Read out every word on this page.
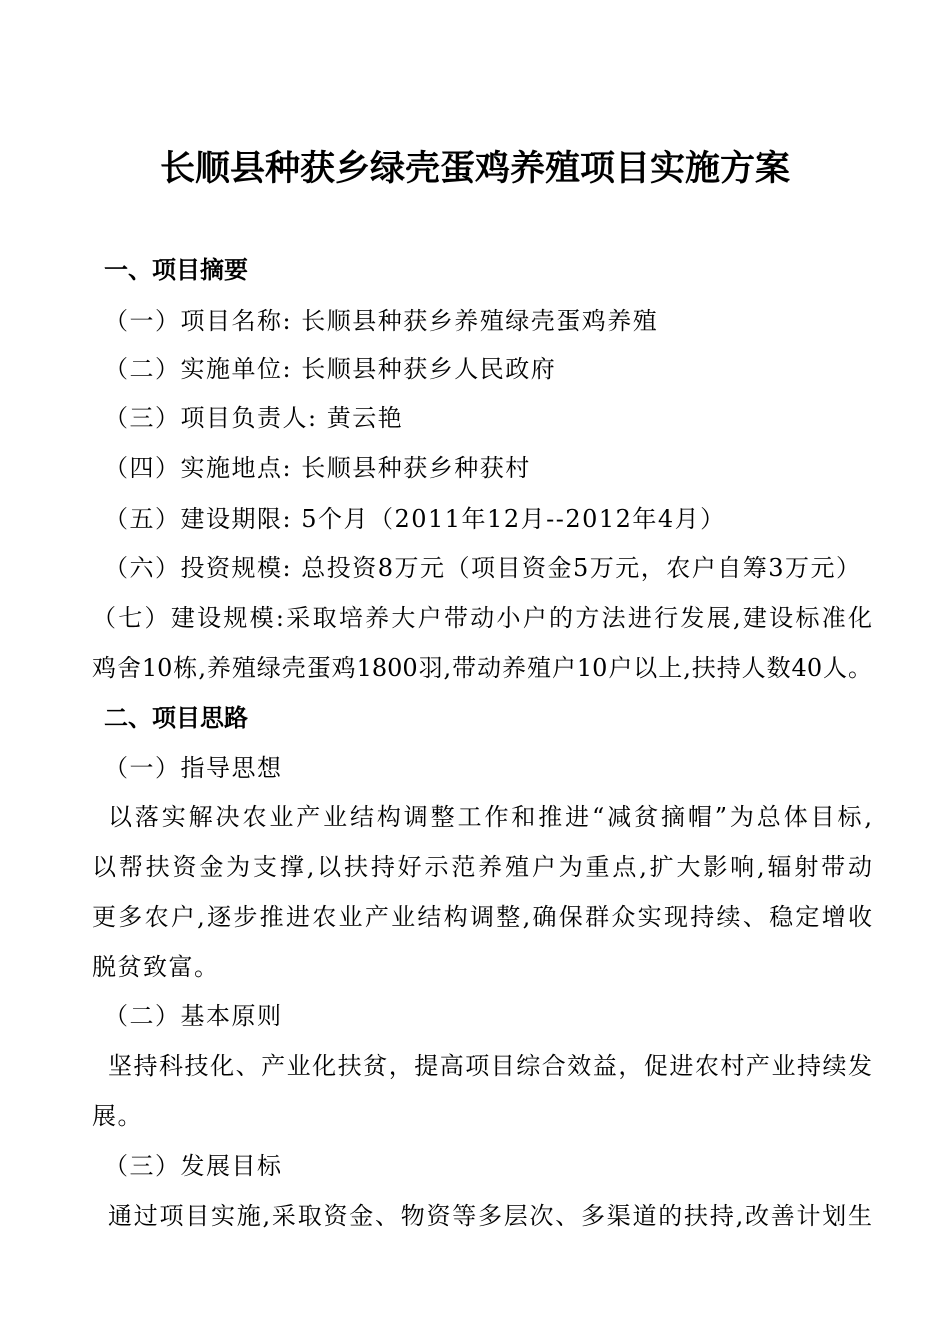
长顺县种获乡绿壳蛋鸡养殖项目实施方案
一、项目摘要
（一）项目名称: 长顺县种获乡养殖绿壳蛋鸡养殖
（二）实施单位: 长顺县种获乡人民政府
（三）项目负责人: 黄云艳
（四）实施地点: 长顺县种获乡种获村
（五）建设期限: 5个月（2011年12月--2012年4月）
（六）投资规模: 总投资8万元（项目资金5万元，农户自筹3万元）
（七）建设规模:采取培养大户带动小户的方法进行发展,建设标准化
鸡舍10栋,养殖绿壳蛋鸡1800羽,带动养殖户10户以上,扶持人数40人。
二、项目思路
（一）指导思想
以落实解决农业产业结构调整工作和推进“减贫摘帽”为总体目标,
以帮扶资金为支撑,以扶持好示范养殖户为重点,扩大影响,辐射带动
更多农户,逐步推进农业产业结构调整,确保群众实现持续、稳定增收
脱贫致富。
（二）基本原则
坚持科技化、产业化扶贫，提高项目综合效益，促进农村产业持续发
展。
（三）发展目标
通过项目实施,采取资金、物资等多层次、多渠道的扶持,改善计划生
